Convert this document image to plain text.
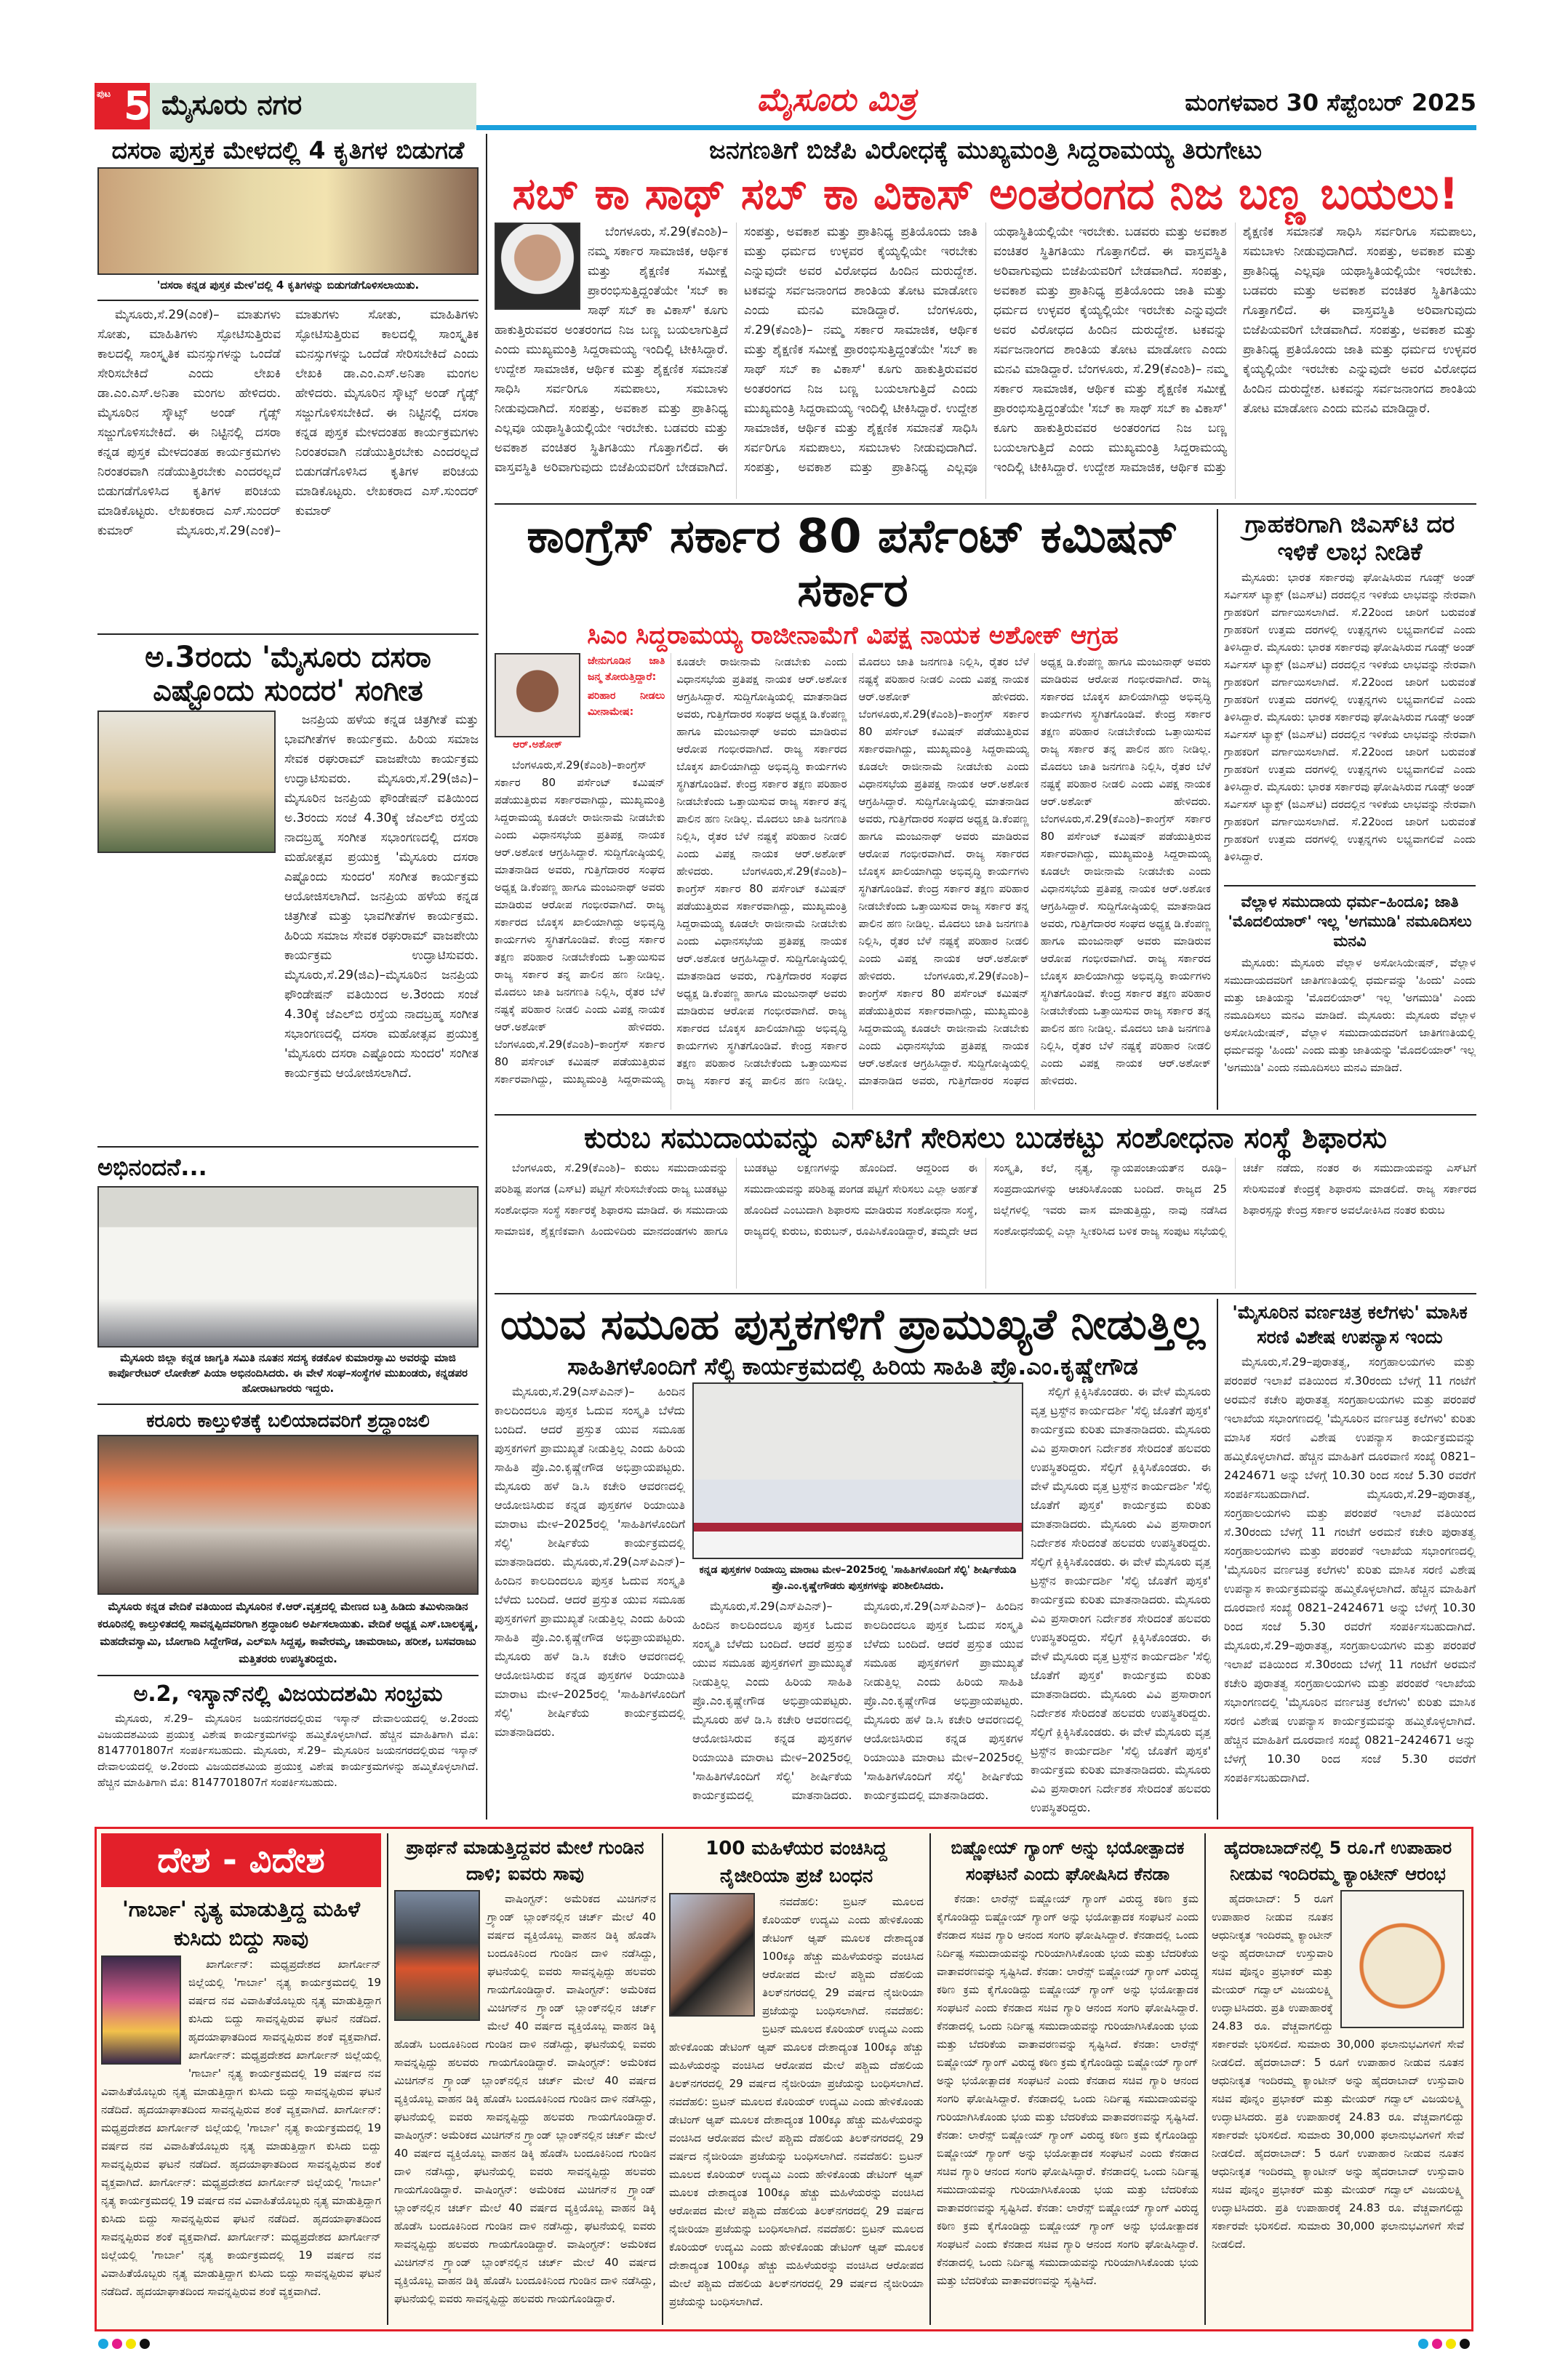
ಪುಟ 5 ಮೈಸೂರು ನಗರ	ಮೈಸೂರು ಮಿತ್ರ	ಮಂಗಳವಾರ 30 ಸೆಪ್ಟೆಂಬರ್ 2025
ದಸರಾ ಪುಸ್ತಕ ಮೇಳದಲ್ಲಿ 4 ಕೃತಿಗಳ ಬಿಡುಗಡೆ
'ದಸರಾ ಕನ್ನಡ ಪುಸ್ತಕ ಮೇಳ'ದಲ್ಲಿ 4 ಕೃತಿಗಳನ್ನು ಬಿಡುಗಡೆಗೊಳಿಸಲಾಯಿತು.

ಮೈಸೂರು,ಸೆ.29(ಎಂಕೆ)– ಮಾತುಗಳು ಸೋತು, ಮಾಹಿತಿಗಳು ಸ್ಫೋಟಿಸುತ್ತಿರುವ ಕಾಲದಲ್ಲಿ ಸಾಂಸ್ಕೃತಿಕ ಮನಸ್ಸುಗಳನ್ನು ಒಂದೆಡೆ ಸೇರಿಸಬೇಕಿದೆ ಎಂದು ಲೇಖಕಿ ಡಾ.ಎಂ.ಎಸ್.ಅನಿತಾ ಮಂಗಲ ಹೇಳಿದರು. ಮೈಸೂರಿನ ಸ್ಕೌಟ್ಸ್ ಅಂಡ್ ಗೈಡ್ಸ್ ಸಜ್ಜುಗೊಳಿಸಬೇಕಿದೆ. ಈ ನಿಟ್ಟಿನಲ್ಲಿ ದಸರಾ ಕನ್ನಡ ಪುಸ್ತಕ ಮೇಳದಂತಹ ಕಾರ್ಯಕ್ರಮಗಳು ನಿರಂತರವಾಗಿ ನಡೆಯುತ್ತಿರಬೇಕು ಎಂದರಲ್ಲದೆ ಬಿಡುಗಡೆಗೊಳಿಸಿದ ಕೃತಿಗಳ ಪರಿಚಯ ಮಾಡಿಕೊಟ್ಟರು. ಲೇಖಕರಾದ ಎಸ್.ಸುಂದರ್ ಕುಮಾರ್ ಮೈಸೂರು,ಸೆ.29(ಎಂಕೆ)– ಮಾತುಗಳು ಸೋತು, ಮಾಹಿತಿಗಳು ಸ್ಫೋಟಿಸುತ್ತಿರುವ ಕಾಲದಲ್ಲಿ ಸಾಂಸ್ಕೃತಿಕ ಮನಸ್ಸುಗಳನ್ನು ಒಂದೆಡೆ ಸೇರಿಸಬೇಕಿದೆ ಎಂದು ಲೇಖಕಿ ಡಾ.ಎಂ.ಎಸ್.ಅನಿತಾ ಮಂಗಲ ಹೇಳಿದರು. ಮೈಸೂರಿನ ಸ್ಕೌಟ್ಸ್ ಅಂಡ್ ಗೈಡ್ಸ್ ಸಜ್ಜುಗೊಳಿಸಬೇಕಿದೆ. ಈ ನಿಟ್ಟಿನಲ್ಲಿ ದಸರಾ ಕನ್ನಡ ಪುಸ್ತಕ ಮೇಳದಂತಹ ಕಾರ್ಯಕ್ರಮಗಳು ನಿರಂತರವಾಗಿ ನಡೆಯುತ್ತಿರಬೇಕು ಎಂದರಲ್ಲದೆ ಬಿಡುಗಡೆಗೊಳಿಸಿದ ಕೃತಿಗಳ ಪರಿಚಯ ಮಾಡಿಕೊಟ್ಟರು. ಲೇಖಕರಾದ ಎಸ್.ಸುಂದರ್ ಕುಮಾರ್

ಅ.3ರಂದು 'ಮೈಸೂರು ದಸರಾ ಎಷ್ಟೊಂದು ಸುಂದರ' ಸಂಗೀತ

ಜನಪ್ರಿಯ ಹಳೆಯ ಕನ್ನಡ ಚಿತ್ರಗೀತೆ ಮತ್ತು ಭಾವಗೀತೆಗಳ ಕಾರ್ಯಕ್ರಮ. ಹಿರಿಯ ಸಮಾಜ ಸೇವಕ ರಘುರಾಮ್ ವಾಜಪೇಯಿ ಕಾರ್ಯಕ್ರಮ ಉದ್ಘಾಟಿಸುವರು. ಮೈಸೂರು,ಸೆ.29(ಜಿಎ)–ಮೈಸೂರಿನ ಜನಪ್ರಿಯ ಫೌಂಡೇಷನ್ ವತಿಯಿಂದ ಅ.3ರಂದು ಸಂಜೆ 4.30ಕ್ಕೆ ಜೆಎಲ್‌ಬಿ ರಸ್ತೆಯ ನಾದಬ್ರಹ್ಮ ಸಂಗೀತ ಸಭಾಂಗಣದಲ್ಲಿ ದಸರಾ ಮಹೋತ್ಸವ ಪ್ರಯುಕ್ತ 'ಮೈಸೂರು ದಸರಾ ಎಷ್ಟೊಂದು ಸುಂದರ' ಸಂಗೀತ ಕಾರ್ಯಕ್ರಮ ಆಯೋಜಿಸಲಾಗಿದೆ. ಜನಪ್ರಿಯ ಹಳೆಯ ಕನ್ನಡ ಚಿತ್ರಗೀತೆ ಮತ್ತು ಭಾವಗೀತೆಗಳ ಕಾರ್ಯಕ್ರಮ. ಹಿರಿಯ ಸಮಾಜ ಸೇವಕ ರಘುರಾಮ್ ವಾಜಪೇಯಿ ಕಾರ್ಯಕ್ರಮ ಉದ್ಘಾಟಿಸುವರು. ಮೈಸೂರು,ಸೆ.29(ಜಿಎ)–ಮೈಸೂರಿನ ಜನಪ್ರಿಯ ಫೌಂಡೇಷನ್ ವತಿಯಿಂದ ಅ.3ರಂದು ಸಂಜೆ 4.30ಕ್ಕೆ ಜೆಎಲ್‌ಬಿ ರಸ್ತೆಯ ನಾದಬ್ರಹ್ಮ ಸಂಗೀತ ಸಭಾಂಗಣದಲ್ಲಿ ದಸರಾ ಮಹೋತ್ಸವ ಪ್ರಯುಕ್ತ 'ಮೈಸೂರು ದಸರಾ ಎಷ್ಟೊಂದು ಸುಂದರ' ಸಂಗೀತ ಕಾರ್ಯಕ್ರಮ ಆಯೋಜಿಸಲಾಗಿದೆ.

ಅಭಿನಂದನೆ...
ಮೈಸೂರು ಜಿಲ್ಲಾ ಕನ್ನಡ ಜಾಗೃತಿ ಸಮಿತಿ ನೂತನ ಸದಸ್ಯ ಕಡಕೊಳ ಕುಮಾರಸ್ವಾಮಿ ಅವರನ್ನು ಮಾಜಿ ಕಾರ್ಪೊರೇಟರ್ ಲೋಕೇಶ್ ಪಿಯಾ ಅಭಿನಂದಿಸಿದರು. ಈ ವೇಳೆ ಸಂಘ–ಸಂಸ್ಥೆಗಳ ಮುಖಂಡರು, ಕನ್ನಡಪರ ಹೋರಾಟಗಾರರು ಇದ್ದರು.
ಕರೂರು ಕಾಲ್ತುಳಿತಕ್ಕೆ ಬಲಿಯಾದವರಿಗೆ ಶ್ರದ್ಧಾಂಜಲಿ
ಮೈಸೂರು ಕನ್ನಡ ವೇದಿಕೆ ವತಿಯಿಂದ ಮೈಸೂರಿನ ಕೆ.ಆರ್.ವೃತ್ತದಲ್ಲಿ ಮೇಣದ ಬತ್ತಿ ಹಿಡಿದು ತಮಿಳುನಾಡಿನ ಕರೂರಿನಲ್ಲಿ ಕಾಲ್ತುಳಿತದಲ್ಲಿ ಸಾವನ್ನಪ್ಪಿದವರಿಗಾಗಿ ಶ್ರದ್ಧಾಂಜಲಿ ಅರ್ಪಿಸಲಾಯಿತು. ವೇದಿಕೆ ಅಧ್ಯಕ್ಷ ಎಸ್.ಬಾಲಕೃಷ್ಣ, ಮಹದೇವಸ್ವಾಮಿ, ಬೋಗಾದಿ ಸಿದ್ದೇಗೌಡ, ಎಲ್‌ಐಸಿ ಸಿದ್ದಪ್ಪ, ಕಾವೇರಮ್ಮ, ಚಾಮರಾಜು, ಹರೀಶ, ಬಸವರಾಜು ಮತ್ತಿತರರು ಉಪಸ್ಥಿತರಿದ್ದರು.
ಅ.2, ಇಸ್ಕಾನ್‌ನಲ್ಲಿ ವಿಜಯದಶಮಿ ಸಂಭ್ರಮ

ಮೈಸೂರು, ಸೆ.29– ಮೈಸೂರಿನ ಜಯನಗರದಲ್ಲಿರುವ ಇಸ್ಕಾನ್ ದೇವಾಲಯದಲ್ಲಿ ಅ.2ರಂದು ವಿಜಯದಶಮಿಯ ಪ್ರಯುಕ್ತ ವಿಶೇಷ ಕಾರ್ಯಕ್ರಮಗಳನ್ನು ಹಮ್ಮಿಕೊಳ್ಳಲಾಗಿದೆ. ಹೆಚ್ಚಿನ ಮಾಹಿತಿಗಾಗಿ ಮೊ: 8147701807ಗೆ ಸಂಪರ್ಕಿಸಬಹುದು. ಮೈಸೂರು, ಸೆ.29– ಮೈಸೂರಿನ ಜಯನಗರದಲ್ಲಿರುವ ಇಸ್ಕಾನ್ ದೇವಾಲಯದಲ್ಲಿ ಅ.2ರಂದು ವಿಜಯದಶಮಿಯ ಪ್ರಯುಕ್ತ ವಿಶೇಷ ಕಾರ್ಯಕ್ರಮಗಳನ್ನು ಹಮ್ಮಿಕೊಳ್ಳಲಾಗಿದೆ. ಹೆಚ್ಚಿನ ಮಾಹಿತಿಗಾಗಿ ಮೊ: 8147701807ಗೆ ಸಂಪರ್ಕಿಸಬಹುದು.

ಜನಗಣತಿಗೆ ಬಿಜೆಪಿ ವಿರೋಧಕ್ಕೆ ಮುಖ್ಯಮಂತ್ರಿ ಸಿದ್ದರಾಮಯ್ಯ ತಿರುಗೇಟು
ಸಬ್ ಕಾ ಸಾಥ್ ಸಬ್ ಕಾ ವಿಕಾಸ್ ಅಂತರಂಗದ ನಿಜ ಬಣ್ಣ ಬಯಲು!

ಬೆಂಗಳೂರು, ಸೆ.29(ಕೆಎಂಶಿ)– ನಮ್ಮ ಸರ್ಕಾರ ಸಾಮಾಜಿಕ, ಆರ್ಥಿಕ ಮತ್ತು ಶೈಕ್ಷಣಿಕ ಸಮೀಕ್ಷೆ ಪ್ರಾರಂಭಿಸುತ್ತಿದ್ದಂತೆಯೇ 'ಸಬ್ ಕಾ ಸಾಥ್ ಸಬ್ ಕಾ ವಿಕಾಸ್' ಕೂಗು ಹಾಕುತ್ತಿರುವವರ ಅಂತರಂಗದ ನಿಜ ಬಣ್ಣ ಬಯಲಾಗುತ್ತಿದೆ ಎಂದು ಮುಖ್ಯಮಂತ್ರಿ ಸಿದ್ದರಾಮಯ್ಯ ಇಂದಿಲ್ಲಿ ಟೀಕಿಸಿದ್ದಾರೆ. ಉದ್ದೇಶ ಸಾಮಾಜಿಕ, ಆರ್ಥಿಕ ಮತ್ತು ಶೈಕ್ಷಣಿಕ ಸಮಾನತೆ ಸಾಧಿಸಿ ಸರ್ವರಿಗೂ ಸಮಪಾಲು, ಸಮಬಾಳು ನೀಡುವುದಾಗಿದೆ. ಸಂಪತ್ತು, ಅವಕಾಶ ಮತ್ತು ಪ್ರಾತಿನಿಧ್ಯ ಎಲ್ಲವೂ ಯಥಾಸ್ಥಿತಿಯಲ್ಲಿಯೇ ಇರಬೇಕು. ಬಡವರು ಮತ್ತು ಅವಕಾಶ ವಂಚಿತರ ಸ್ಥಿತಿಗತಿಯು ಗೊತ್ತಾಗಲಿದೆ. ಈ ವಾಸ್ತವಸ್ಥಿತಿ ಅರಿವಾಗುವುದು ಬಿಜೆಪಿಯವರಿಗೆ ಬೇಡವಾಗಿದೆ. ಸಂಪತ್ತು, ಅವಕಾಶ ಮತ್ತು ಪ್ರಾತಿನಿಧ್ಯ ಪ್ರತಿಯೊಂದು ಜಾತಿ ಮತ್ತು ಧರ್ಮದ ಉಳ್ಳವರ ಕೈಯ್ಯಲ್ಲಿಯೇ ಇರಬೇಕು ಎನ್ನುವುದೇ ಅವರ ವಿರೋಧದ ಹಿಂದಿನ ದುರುದ್ದೇಶ. ಟಕವನ್ನು ಸರ್ವಜನಾಂಗದ ಶಾಂತಿಯ ತೋಟ ಮಾಡೋಣ ಎಂದು ಮನವಿ ಮಾಡಿದ್ದಾರೆ. ಬೆಂಗಳೂರು, ಸೆ.29(ಕೆಎಂಶಿ)– ನಮ್ಮ ಸರ್ಕಾರ ಸಾಮಾಜಿಕ, ಆರ್ಥಿಕ ಮತ್ತು ಶೈಕ್ಷಣಿಕ ಸಮೀಕ್ಷೆ ಪ್ರಾರಂಭಿಸುತ್ತಿದ್ದಂತೆಯೇ 'ಸಬ್ ಕಾ ಸಾಥ್ ಸಬ್ ಕಾ ವಿಕಾಸ್' ಕೂಗು ಹಾಕುತ್ತಿರುವವರ ಅಂತರಂಗದ ನಿಜ ಬಣ್ಣ ಬಯಲಾಗುತ್ತಿದೆ ಎಂದು ಮುಖ್ಯಮಂತ್ರಿ ಸಿದ್ದರಾಮಯ್ಯ ಇಂದಿಲ್ಲಿ ಟೀಕಿಸಿದ್ದಾರೆ. ಉದ್ದೇಶ ಸಾಮಾಜಿಕ, ಆರ್ಥಿಕ ಮತ್ತು ಶೈಕ್ಷಣಿಕ ಸಮಾನತೆ ಸಾಧಿಸಿ ಸರ್ವರಿಗೂ ಸಮಪಾಲು, ಸಮಬಾಳು ನೀಡುವುದಾಗಿದೆ. ಸಂಪತ್ತು, ಅವಕಾಶ ಮತ್ತು ಪ್ರಾತಿನಿಧ್ಯ ಎಲ್ಲವೂ ಯಥಾಸ್ಥಿತಿಯಲ್ಲಿಯೇ ಇರಬೇಕು. ಬಡವರು ಮತ್ತು ಅವಕಾಶ ವಂಚಿತರ ಸ್ಥಿತಿಗತಿಯು ಗೊತ್ತಾಗಲಿದೆ. ಈ ವಾಸ್ತವಸ್ಥಿತಿ ಅರಿವಾಗುವುದು ಬಿಜೆಪಿಯವರಿಗೆ ಬೇಡವಾಗಿದೆ. ಸಂಪತ್ತು, ಅವಕಾಶ ಮತ್ತು ಪ್ರಾತಿನಿಧ್ಯ ಪ್ರತಿಯೊಂದು ಜಾತಿ ಮತ್ತು ಧರ್ಮದ ಉಳ್ಳವರ ಕೈಯ್ಯಲ್ಲಿಯೇ ಇರಬೇಕು ಎನ್ನುವುದೇ ಅವರ ವಿರೋಧದ ಹಿಂದಿನ ದುರುದ್ದೇಶ. ಟಕವನ್ನು ಸರ್ವಜನಾಂಗದ ಶಾಂತಿಯ ತೋಟ ಮಾಡೋಣ ಎಂದು ಮನವಿ ಮಾಡಿದ್ದಾರೆ. ಬೆಂಗಳೂರು, ಸೆ.29(ಕೆಎಂಶಿ)– ನಮ್ಮ ಸರ್ಕಾರ ಸಾಮಾಜಿಕ, ಆರ್ಥಿಕ ಮತ್ತು ಶೈಕ್ಷಣಿಕ ಸಮೀಕ್ಷೆ ಪ್ರಾರಂಭಿಸುತ್ತಿದ್ದಂತೆಯೇ 'ಸಬ್ ಕಾ ಸಾಥ್ ಸಬ್ ಕಾ ವಿಕಾಸ್' ಕೂಗು ಹಾಕುತ್ತಿರುವವರ ಅಂತರಂಗದ ನಿಜ ಬಣ್ಣ ಬಯಲಾಗುತ್ತಿದೆ ಎಂದು ಮುಖ್ಯಮಂತ್ರಿ ಸಿದ್ದರಾಮಯ್ಯ ಇಂದಿಲ್ಲಿ ಟೀಕಿಸಿದ್ದಾರೆ. ಉದ್ದೇಶ ಸಾಮಾಜಿಕ, ಆರ್ಥಿಕ ಮತ್ತು ಶೈಕ್ಷಣಿಕ ಸಮಾನತೆ ಸಾಧಿಸಿ ಸರ್ವರಿಗೂ ಸಮಪಾಲು, ಸಮಬಾಳು ನೀಡುವುದಾಗಿದೆ. ಸಂಪತ್ತು, ಅವಕಾಶ ಮತ್ತು ಪ್ರಾತಿನಿಧ್ಯ ಎಲ್ಲವೂ ಯಥಾಸ್ಥಿತಿಯಲ್ಲಿಯೇ ಇರಬೇಕು. ಬಡವರು ಮತ್ತು ಅವಕಾಶ ವಂಚಿತರ ಸ್ಥಿತಿಗತಿಯು ಗೊತ್ತಾಗಲಿದೆ. ಈ ವಾಸ್ತವಸ್ಥಿತಿ ಅರಿವಾಗುವುದು ಬಿಜೆಪಿಯವರಿಗೆ ಬೇಡವಾಗಿದೆ. ಸಂಪತ್ತು, ಅವಕಾಶ ಮತ್ತು ಪ್ರಾತಿನಿಧ್ಯ ಪ್ರತಿಯೊಂದು ಜಾತಿ ಮತ್ತು ಧರ್ಮದ ಉಳ್ಳವರ ಕೈಯ್ಯಲ್ಲಿಯೇ ಇರಬೇಕು ಎನ್ನುವುದೇ ಅವರ ವಿರೋಧದ ಹಿಂದಿನ ದುರುದ್ದೇಶ. ಟಕವನ್ನು ಸರ್ವಜನಾಂಗದ ಶಾಂತಿಯ ತೋಟ ಮಾಡೋಣ ಎಂದು ಮನವಿ ಮಾಡಿದ್ದಾರೆ.

ಕಾಂಗ್ರೆಸ್ ಸರ್ಕಾರ 80 ಪರ್ಸೆಂಟ್ ಕಮಿಷನ್ ಸರ್ಕಾರ
ಸಿಎಂ ಸಿದ್ದರಾಮಯ್ಯ ರಾಜೀನಾಮೆಗೆ ವಿಪಕ್ಷ ನಾಯಕ ಅಶೋಕ್ ಆಗ್ರಹ
ಆರ್.ಅಶೋಕ್
ಜೇನುಗೂಡಿನ ಜಾತಿ ಜನ್ಮ ತೋರುತ್ತಿದ್ದಾರೆ:
ಪರಿಹಾರ ನೀಡಲು ಮೀನಾಮೇಷ:

ಬೆಂಗಳೂರು,ಸೆ.29(ಕೆಎಂಶಿ)–ಕಾಂಗ್ರೆಸ್ ಸರ್ಕಾರ 80 ಪರ್ಸೆಂಟ್ ಕಮಿಷನ್ ಪಡೆಯುತ್ತಿರುವ ಸರ್ಕಾರವಾಗಿದ್ದು, ಮುಖ್ಯಮಂತ್ರಿ ಸಿದ್ದರಾಮಯ್ಯ ಕೂಡಲೇ ರಾಜೀನಾಮೆ ನೀಡಬೇಕು ಎಂದು ವಿಧಾನಸಭೆಯ ಪ್ರತಿಪಕ್ಷ ನಾಯಕ ಆರ್.ಅಶೋಕ ಆಗ್ರಹಿಸಿದ್ದಾರೆ. ಸುದ್ದಿಗೋಷ್ಠಿಯಲ್ಲಿ ಮಾತನಾಡಿದ ಅವರು, ಗುತ್ತಿಗೆದಾರರ ಸಂಘದ ಅಧ್ಯಕ್ಷ ಡಿ.ಕೆಂಪಣ್ಣ ಹಾಗೂ ಮಂಜುನಾಥ್ ಅವರು ಮಾಡಿರುವ ಆರೋಪ ಗಂಭೀರವಾಗಿದೆ. ರಾಜ್ಯ ಸರ್ಕಾರದ ಬೊಕ್ಕಸ ಖಾಲಿಯಾಗಿದ್ದು ಅಭಿವೃದ್ಧಿ ಕಾರ್ಯಗಳು ಸ್ಥಗಿತಗೊಂಡಿವೆ. ಕೇಂದ್ರ ಸರ್ಕಾರ ತಕ್ಷಣ ಪರಿಹಾರ ನೀಡಬೇಕೆಂದು ಒತ್ತಾಯಿಸುವ ರಾಜ್ಯ ಸರ್ಕಾರ ತನ್ನ ಪಾಲಿನ ಹಣ ನೀಡಿಲ್ಲ. ಮೊದಲು ಜಾತಿ ಜನಗಣತಿ ನಿಲ್ಲಿಸಿ, ರೈತರ ಬೆಳೆ ನಷ್ಟಕ್ಕೆ ಪರಿಹಾರ ನೀಡಲಿ ಎಂದು ವಿಪಕ್ಷ ನಾಯಕ ಆರ್.ಅಶೋಕ್ ಹೇಳಿದರು. ಬೆಂಗಳೂರು,ಸೆ.29(ಕೆಎಂಶಿ)–ಕಾಂಗ್ರೆಸ್ ಸರ್ಕಾರ 80 ಪರ್ಸೆಂಟ್ ಕಮಿಷನ್ ಪಡೆಯುತ್ತಿರುವ ಸರ್ಕಾರವಾಗಿದ್ದು, ಮುಖ್ಯಮಂತ್ರಿ ಸಿದ್ದರಾಮಯ್ಯ ಕೂಡಲೇ ರಾಜೀನಾಮೆ ನೀಡಬೇಕು ಎಂದು ವಿಧಾನಸಭೆಯ ಪ್ರತಿಪಕ್ಷ ನಾಯಕ ಆರ್.ಅಶೋಕ ಆಗ್ರಹಿಸಿದ್ದಾರೆ. ಸುದ್ದಿಗೋಷ್ಠಿಯಲ್ಲಿ ಮಾತನಾಡಿದ ಅವರು, ಗುತ್ತಿಗೆದಾರರ ಸಂಘದ ಅಧ್ಯಕ್ಷ ಡಿ.ಕೆಂಪಣ್ಣ ಹಾಗೂ ಮಂಜುನಾಥ್ ಅವರು ಮಾಡಿರುವ ಆರೋಪ ಗಂಭೀರವಾಗಿದೆ. ರಾಜ್ಯ ಸರ್ಕಾರದ ಬೊಕ್ಕಸ ಖಾಲಿಯಾಗಿದ್ದು ಅಭಿವೃದ್ಧಿ ಕಾರ್ಯಗಳು ಸ್ಥಗಿತಗೊಂಡಿವೆ. ಕೇಂದ್ರ ಸರ್ಕಾರ ತಕ್ಷಣ ಪರಿಹಾರ ನೀಡಬೇಕೆಂದು ಒತ್ತಾಯಿಸುವ ರಾಜ್ಯ ಸರ್ಕಾರ ತನ್ನ ಪಾಲಿನ ಹಣ ನೀಡಿಲ್ಲ. ಮೊದಲು ಜಾತಿ ಜನಗಣತಿ ನಿಲ್ಲಿಸಿ, ರೈತರ ಬೆಳೆ ನಷ್ಟಕ್ಕೆ ಪರಿಹಾರ ನೀಡಲಿ ಎಂದು ವಿಪಕ್ಷ ನಾಯಕ ಆರ್.ಅಶೋಕ್ ಹೇಳಿದರು. ಬೆಂಗಳೂರು,ಸೆ.29(ಕೆಎಂಶಿ)–ಕಾಂಗ್ರೆಸ್ ಸರ್ಕಾರ 80 ಪರ್ಸೆಂಟ್ ಕಮಿಷನ್ ಪಡೆಯುತ್ತಿರುವ ಸರ್ಕಾರವಾಗಿದ್ದು, ಮುಖ್ಯಮಂತ್ರಿ ಸಿದ್ದರಾಮಯ್ಯ ಕೂಡಲೇ ರಾಜೀನಾಮೆ ನೀಡಬೇಕು ಎಂದು ವಿಧಾನಸಭೆಯ ಪ್ರತಿಪಕ್ಷ ನಾಯಕ ಆರ್.ಅಶೋಕ ಆಗ್ರಹಿಸಿದ್ದಾರೆ. ಸುದ್ದಿಗೋಷ್ಠಿಯಲ್ಲಿ ಮಾತನಾಡಿದ ಅವರು, ಗುತ್ತಿಗೆದಾರರ ಸಂಘದ ಅಧ್ಯಕ್ಷ ಡಿ.ಕೆಂಪಣ್ಣ ಹಾಗೂ ಮಂಜುನಾಥ್ ಅವರು ಮಾಡಿರುವ ಆರೋಪ ಗಂಭೀರವಾಗಿದೆ. ರಾಜ್ಯ ಸರ್ಕಾರದ ಬೊಕ್ಕಸ ಖಾಲಿಯಾಗಿದ್ದು ಅಭಿವೃದ್ಧಿ ಕಾರ್ಯಗಳು ಸ್ಥಗಿತಗೊಂಡಿವೆ. ಕೇಂದ್ರ ಸರ್ಕಾರ ತಕ್ಷಣ ಪರಿಹಾರ ನೀಡಬೇಕೆಂದು ಒತ್ತಾಯಿಸುವ ರಾಜ್ಯ ಸರ್ಕಾರ ತನ್ನ ಪಾಲಿನ ಹಣ ನೀಡಿಲ್ಲ. ಮೊದಲು ಜಾತಿ ಜನಗಣತಿ ನಿಲ್ಲಿಸಿ, ರೈತರ ಬೆಳೆ ನಷ್ಟಕ್ಕೆ ಪರಿಹಾರ ನೀಡಲಿ ಎಂದು ವಿಪಕ್ಷ ನಾಯಕ ಆರ್.ಅಶೋಕ್ ಹೇಳಿದರು. ಬೆಂಗಳೂರು,ಸೆ.29(ಕೆಎಂಶಿ)–ಕಾಂಗ್ರೆಸ್ ಸರ್ಕಾರ 80 ಪರ್ಸೆಂಟ್ ಕಮಿಷನ್ ಪಡೆಯುತ್ತಿರುವ ಸರ್ಕಾರವಾಗಿದ್ದು, ಮುಖ್ಯಮಂತ್ರಿ ಸಿದ್ದರಾಮಯ್ಯ ಕೂಡಲೇ ರಾಜೀನಾಮೆ ನೀಡಬೇಕು ಎಂದು ವಿಧಾನಸಭೆಯ ಪ್ರತಿಪಕ್ಷ ನಾಯಕ ಆರ್.ಅಶೋಕ ಆಗ್ರಹಿಸಿದ್ದಾರೆ. ಸುದ್ದಿಗೋಷ್ಠಿಯಲ್ಲಿ ಮಾತನಾಡಿದ ಅವರು, ಗುತ್ತಿಗೆದಾರರ ಸಂಘದ ಅಧ್ಯಕ್ಷ ಡಿ.ಕೆಂಪಣ್ಣ ಹಾಗೂ ಮಂಜುನಾಥ್ ಅವರು ಮಾಡಿರುವ ಆರೋಪ ಗಂಭೀರವಾಗಿದೆ. ರಾಜ್ಯ ಸರ್ಕಾರದ ಬೊಕ್ಕಸ ಖಾಲಿಯಾಗಿದ್ದು ಅಭಿವೃದ್ಧಿ ಕಾರ್ಯಗಳು ಸ್ಥಗಿತಗೊಂಡಿವೆ. ಕೇಂದ್ರ ಸರ್ಕಾರ ತಕ್ಷಣ ಪರಿಹಾರ ನೀಡಬೇಕೆಂದು ಒತ್ತಾಯಿಸುವ ರಾಜ್ಯ ಸರ್ಕಾರ ತನ್ನ ಪಾಲಿನ ಹಣ ನೀಡಿಲ್ಲ. ಮೊದಲು ಜಾತಿ ಜನಗಣತಿ ನಿಲ್ಲಿಸಿ, ರೈತರ ಬೆಳೆ ನಷ್ಟಕ್ಕೆ ಪರಿಹಾರ ನೀಡಲಿ ಎಂದು ವಿಪಕ್ಷ ನಾಯಕ ಆರ್.ಅಶೋಕ್ ಹೇಳಿದರು. ಬೆಂಗಳೂರು,ಸೆ.29(ಕೆಎಂಶಿ)–ಕಾಂಗ್ರೆಸ್ ಸರ್ಕಾರ 80 ಪರ್ಸೆಂಟ್ ಕಮಿಷನ್ ಪಡೆಯುತ್ತಿರುವ ಸರ್ಕಾರವಾಗಿದ್ದು, ಮುಖ್ಯಮಂತ್ರಿ ಸಿದ್ದರಾಮಯ್ಯ ಕೂಡಲೇ ರಾಜೀನಾಮೆ ನೀಡಬೇಕು ಎಂದು ವಿಧಾನಸಭೆಯ ಪ್ರತಿಪಕ್ಷ ನಾಯಕ ಆರ್.ಅಶೋಕ ಆಗ್ರಹಿಸಿದ್ದಾರೆ. ಸುದ್ದಿಗೋಷ್ಠಿಯಲ್ಲಿ ಮಾತನಾಡಿದ ಅವರು, ಗುತ್ತಿಗೆದಾರರ ಸಂಘದ ಅಧ್ಯಕ್ಷ ಡಿ.ಕೆಂಪಣ್ಣ ಹಾಗೂ ಮಂಜುನಾಥ್ ಅವರು ಮಾಡಿರುವ ಆರೋಪ ಗಂಭೀರವಾಗಿದೆ. ರಾಜ್ಯ ಸರ್ಕಾರದ ಬೊಕ್ಕಸ ಖಾಲಿಯಾಗಿದ್ದು ಅಭಿವೃದ್ಧಿ ಕಾರ್ಯಗಳು ಸ್ಥಗಿತಗೊಂಡಿವೆ. ಕೇಂದ್ರ ಸರ್ಕಾರ ತಕ್ಷಣ ಪರಿಹಾರ ನೀಡಬೇಕೆಂದು ಒತ್ತಾಯಿಸುವ ರಾಜ್ಯ ಸರ್ಕಾರ ತನ್ನ ಪಾಲಿನ ಹಣ ನೀಡಿಲ್ಲ. ಮೊದಲು ಜಾತಿ ಜನಗಣತಿ ನಿಲ್ಲಿಸಿ, ರೈತರ ಬೆಳೆ ನಷ್ಟಕ್ಕೆ ಪರಿಹಾರ ನೀಡಲಿ ಎಂದು ವಿಪಕ್ಷ ನಾಯಕ ಆರ್.ಅಶೋಕ್ ಹೇಳಿದರು. ಬೆಂಗಳೂರು,ಸೆ.29(ಕೆಎಂಶಿ)–ಕಾಂಗ್ರೆಸ್ ಸರ್ಕಾರ 80 ಪರ್ಸೆಂಟ್ ಕಮಿಷನ್ ಪಡೆಯುತ್ತಿರುವ ಸರ್ಕಾರವಾಗಿದ್ದು, ಮುಖ್ಯಮಂತ್ರಿ ಸಿದ್ದರಾಮಯ್ಯ ಕೂಡಲೇ ರಾಜೀನಾಮೆ ನೀಡಬೇಕು ಎಂದು ವಿಧಾನಸಭೆಯ ಪ್ರತಿಪಕ್ಷ ನಾಯಕ ಆರ್.ಅಶೋಕ ಆಗ್ರಹಿಸಿದ್ದಾರೆ. ಸುದ್ದಿಗೋಷ್ಠಿಯಲ್ಲಿ ಮಾತನಾಡಿದ ಅವರು, ಗುತ್ತಿಗೆದಾರರ ಸಂಘದ ಅಧ್ಯಕ್ಷ ಡಿ.ಕೆಂಪಣ್ಣ ಹಾಗೂ ಮಂಜುನಾಥ್ ಅವರು ಮಾಡಿರುವ ಆರೋಪ ಗಂಭೀರವಾಗಿದೆ. ರಾಜ್ಯ ಸರ್ಕಾರದ ಬೊಕ್ಕಸ ಖಾಲಿಯಾಗಿದ್ದು ಅಭಿವೃದ್ಧಿ ಕಾರ್ಯಗಳು ಸ್ಥಗಿತಗೊಂಡಿವೆ. ಕೇಂದ್ರ ಸರ್ಕಾರ ತಕ್ಷಣ ಪರಿಹಾರ ನೀಡಬೇಕೆಂದು ಒತ್ತಾಯಿಸುವ ರಾಜ್ಯ ಸರ್ಕಾರ ತನ್ನ ಪಾಲಿನ ಹಣ ನೀಡಿಲ್ಲ. ಮೊದಲು ಜಾತಿ ಜನಗಣತಿ ನಿಲ್ಲಿಸಿ, ರೈತರ ಬೆಳೆ ನಷ್ಟಕ್ಕೆ ಪರಿಹಾರ ನೀಡಲಿ ಎಂದು ವಿಪಕ್ಷ ನಾಯಕ ಆರ್.ಅಶೋಕ್ ಹೇಳಿದರು.

ಗ್ರಾಹಕರಿಗಾಗಿ ಜಿಎಸ್‌ಟಿ ದರ ಇಳಿಕೆ ಲಾಭ ನೀಡಿಕೆ

ಮೈಸೂರು: ಭಾರತ ಸರ್ಕಾರವು ಘೋಷಿಸಿರುವ ಗೂಡ್ಸ್ ಅಂಡ್ ಸರ್ವಿಸಸ್ ಟ್ಯಾಕ್ಸ್ (ಜಿಎಸ್‌ಟಿ) ದರದಲ್ಲಿನ ಇಳಿಕೆಯ ಲಾಭವನ್ನು ನೇರವಾಗಿ ಗ್ರಾಹಕರಿಗೆ ವರ್ಗಾಯಿಸಲಾಗಿದೆ. ಸೆ.22ರಿಂದ ಜಾರಿಗೆ ಬರುವಂತೆ ಗ್ರಾಹಕರಿಗೆ ಉತ್ತಮ ದರಗಳಲ್ಲಿ ಉತ್ಪನ್ನಗಳು ಲಭ್ಯವಾಗಲಿವೆ ಎಂದು ತಿಳಿಸಿದ್ದಾರೆ. ಮೈಸೂರು: ಭಾರತ ಸರ್ಕಾರವು ಘೋಷಿಸಿರುವ ಗೂಡ್ಸ್ ಅಂಡ್ ಸರ್ವಿಸಸ್ ಟ್ಯಾಕ್ಸ್ (ಜಿಎಸ್‌ಟಿ) ದರದಲ್ಲಿನ ಇಳಿಕೆಯ ಲಾಭವನ್ನು ನೇರವಾಗಿ ಗ್ರಾಹಕರಿಗೆ ವರ್ಗಾಯಿಸಲಾಗಿದೆ. ಸೆ.22ರಿಂದ ಜಾರಿಗೆ ಬರುವಂತೆ ಗ್ರಾಹಕರಿಗೆ ಉತ್ತಮ ದರಗಳಲ್ಲಿ ಉತ್ಪನ್ನಗಳು ಲಭ್ಯವಾಗಲಿವೆ ಎಂದು ತಿಳಿಸಿದ್ದಾರೆ. ಮೈಸೂರು: ಭಾರತ ಸರ್ಕಾರವು ಘೋಷಿಸಿರುವ ಗೂಡ್ಸ್ ಅಂಡ್ ಸರ್ವಿಸಸ್ ಟ್ಯಾಕ್ಸ್ (ಜಿಎಸ್‌ಟಿ) ದರದಲ್ಲಿನ ಇಳಿಕೆಯ ಲಾಭವನ್ನು ನೇರವಾಗಿ ಗ್ರಾಹಕರಿಗೆ ವರ್ಗಾಯಿಸಲಾಗಿದೆ. ಸೆ.22ರಿಂದ ಜಾರಿಗೆ ಬರುವಂತೆ ಗ್ರಾಹಕರಿಗೆ ಉತ್ತಮ ದರಗಳಲ್ಲಿ ಉತ್ಪನ್ನಗಳು ಲಭ್ಯವಾಗಲಿವೆ ಎಂದು ತಿಳಿಸಿದ್ದಾರೆ. ಮೈಸೂರು: ಭಾರತ ಸರ್ಕಾರವು ಘೋಷಿಸಿರುವ ಗೂಡ್ಸ್ ಅಂಡ್ ಸರ್ವಿಸಸ್ ಟ್ಯಾಕ್ಸ್ (ಜಿಎಸ್‌ಟಿ) ದರದಲ್ಲಿನ ಇಳಿಕೆಯ ಲಾಭವನ್ನು ನೇರವಾಗಿ ಗ್ರಾಹಕರಿಗೆ ವರ್ಗಾಯಿಸಲಾಗಿದೆ. ಸೆ.22ರಿಂದ ಜಾರಿಗೆ ಬರುವಂತೆ ಗ್ರಾಹಕರಿಗೆ ಉತ್ತಮ ದರಗಳಲ್ಲಿ ಉತ್ಪನ್ನಗಳು ಲಭ್ಯವಾಗಲಿವೆ ಎಂದು ತಿಳಿಸಿದ್ದಾರೆ.

ವೆಲ್ಲಾಳ ಸಮುದಾಯ ಧರ್ಮ–ಹಿಂದೂ; ಜಾತಿ 'ಮೊದಲಿಯಾರ್' ಇಲ್ಲ 'ಅಗಮುಡಿ' ನಮೂದಿಸಲು ಮನವಿ

ಮೈಸೂರು: ಮೈಸೂರು ವೆಲ್ಲಾಳ ಅಸೋಸಿಯೇಷನ್, ವೆಲ್ಲಾಳ ಸಮುದಾಯದವರಿಗೆ ಜಾತಿಗಣತಿಯಲ್ಲಿ ಧರ್ಮವನ್ನು 'ಹಿಂದು' ಎಂದು ಮತ್ತು ಜಾತಿಯನ್ನು 'ಮೊದಲಿಯಾರ್' ಇಲ್ಲ 'ಅಗಮುಡಿ' ಎಂದು ನಮೂದಿಸಲು ಮನವಿ ಮಾಡಿದೆ. ಮೈಸೂರು: ಮೈಸೂರು ವೆಲ್ಲಾಳ ಅಸೋಸಿಯೇಷನ್, ವೆಲ್ಲಾಳ ಸಮುದಾಯದವರಿಗೆ ಜಾತಿಗಣತಿಯಲ್ಲಿ ಧರ್ಮವನ್ನು 'ಹಿಂದು' ಎಂದು ಮತ್ತು ಜಾತಿಯನ್ನು 'ಮೊದಲಿಯಾರ್' ಇಲ್ಲ 'ಅಗಮುಡಿ' ಎಂದು ನಮೂದಿಸಲು ಮನವಿ ಮಾಡಿದೆ.

ಕುರುಬ ಸಮುದಾಯವನ್ನು ಎಸ್‌ಟಿಗೆ ಸೇರಿಸಲು ಬುಡಕಟ್ಟು ಸಂಶೋಧನಾ ಸಂಸ್ಥೆ ಶಿಫಾರಸು

ಬೆಂಗಳೂರು, ಸೆ.29(ಕೆಎಂಶಿ)– ಕುರುಬ ಸಮುದಾಯವನ್ನು ಪರಿಶಿಷ್ಟ ಪಂಗಡ (ಎಸ್‌ಟಿ) ಪಟ್ಟಿಗೆ ಸೇರಿಸಬೇಕೆಂದು ರಾಜ್ಯ ಬುಡಕಟ್ಟು ಸಂಶೋಧನಾ ಸಂಸ್ಥೆ ಸರ್ಕಾರಕ್ಕೆ ಶಿಫಾರಸು ಮಾಡಿದೆ. ಈ ಸಮುದಾಯ ಸಾಮಾಜಿಕ, ಶೈಕ್ಷಣಿಕವಾಗಿ ಹಿಂದುಳಿದಿರು ಮಾನದಂಡಗಳು ಹಾಗೂ ಬುಡಕಟ್ಟು ಲಕ್ಷಣಗಳನ್ನು ಹೊಂದಿದೆ. ಆದ್ದರಿಂದ ಈ ಸಮುದಾಯವನ್ನು ಪರಿಶಿಷ್ಟ ಪಂಗಡ ಪಟ್ಟಿಗೆ ಸೇರಿಸಲು ಎಲ್ಲಾ ಅರ್ಹತೆ ಹೊಂದಿದೆ ಎಂಬುದಾಗಿ ಶಿಫಾರಸು ಮಾಡಿರುವ ಸಂಶೋಧನಾ ಸಂಸ್ಥೆ, ರಾಜ್ಯದಲ್ಲಿ ಕುರುಬ, ಕುರುಬನ್, ರೂಪಿಸಿಕೊಂಡಿದ್ದಾರೆ, ತಮ್ಮದೇ ಆದ ಸಂಸ್ಕೃತಿ, ಕಲೆ, ನೃತ್ಯ, ನ್ಯಾಯಪಂಚಾಯತ್‌ನ ರೂಢಿ–ಸಂಪ್ರದಾಯಗಳನ್ನು ಆಚರಿಸಿಕೊಂಡು ಬಂದಿದೆ. ರಾಜ್ಯದ 25 ಜಿಲ್ಲೆಗಳಲ್ಲಿ ಇವರು ವಾಸ ಮಾಡುತ್ತಿದ್ದು, ನಾವು ನಡೆಸಿದ ಸಂಶೋಧನೆಯಲ್ಲಿ ಎಲ್ಲಾ ಸ್ವೀಕರಿಸಿದ ಬಳಿಕ ರಾಜ್ಯ ಸಂಪುಟ ಸಭೆಯಲ್ಲಿ ಚರ್ಚೆ ನಡೆದು, ನಂತರ ಈ ಸಮುದಾಯವನ್ನು ಎಸ್‌ಟಿಗೆ ಸೇರಿಸುವಂತೆ ಕೇಂದ್ರಕ್ಕೆ ಶಿಫಾರಸು ಮಾಡಲಿದೆ. ರಾಜ್ಯ ಸರ್ಕಾರದ ಶಿಫಾರಸ್ಸನ್ನು ಕೇಂದ್ರ ಸರ್ಕಾರ ಅವಲೋಕಿಸಿದ ನಂತರ ಕುರುಬ

ಯುವ ಸಮೂಹ ಪುಸ್ತಕಗಳಿಗೆ ಪ್ರಾಮುಖ್ಯತೆ ನೀಡುತ್ತಿಲ್ಲ
ಸಾಹಿತಿಗಳೊಂದಿಗೆ ಸೆಲ್ಫಿ ಕಾರ್ಯಕ್ರಮದಲ್ಲಿ ಹಿರಿಯ ಸಾಹಿತಿ ಪ್ರೊ.ಎಂ.ಕೃಷ್ಣೇಗೌಡ

ಮೈಸೂರು,ಸೆ.29(ಎಸ್‌ಪಿಎನ್)– ಹಿಂದಿನ ಕಾಲದಿಂದಲೂ ಪುಸ್ತಕ ಓದುವ ಸಂಸ್ಕೃತಿ ಬೆಳೆದು ಬಂದಿದೆ. ಆದರೆ ಪ್ರಸ್ತುತ ಯುವ ಸಮೂಹ ಪುಸ್ತಕಗಳಿಗೆ ಪ್ರಾಮುಖ್ಯತೆ ನೀಡುತ್ತಿಲ್ಲ ಎಂದು ಹಿರಿಯ ಸಾಹಿತಿ ಪ್ರೊ.ಎಂ.ಕೃಷ್ಣೇಗೌಡ ಅಭಿಪ್ರಾಯಪಟ್ಟರು. ಮೈಸೂರು ಹಳೆ ಡಿ.ಸಿ ಕಚೇರಿ ಆವರಣದಲ್ಲಿ ಆಯೋಜಿಸಿರುವ ಕನ್ನಡ ಪುಸ್ತಕಗಳ ರಿಯಾಯಿತಿ ಮಾರಾಟ ಮೇಳ–2025ರಲ್ಲಿ 'ಸಾಹಿತಿಗಳೊಂದಿಗೆ ಸೆಲ್ಫಿ' ಶೀರ್ಷಿಕೆಯ ಕಾರ್ಯಕ್ರಮದಲ್ಲಿ ಮಾತನಾಡಿದರು. ಮೈಸೂರು,ಸೆ.29(ಎಸ್‌ಪಿಎನ್)– ಹಿಂದಿನ ಕಾಲದಿಂದಲೂ ಪುಸ್ತಕ ಓದುವ ಸಂಸ್ಕೃತಿ ಬೆಳೆದು ಬಂದಿದೆ. ಆದರೆ ಪ್ರಸ್ತುತ ಯುವ ಸಮೂಹ ಪುಸ್ತಕಗಳಿಗೆ ಪ್ರಾಮುಖ್ಯತೆ ನೀಡುತ್ತಿಲ್ಲ ಎಂದು ಹಿರಿಯ ಸಾಹಿತಿ ಪ್ರೊ.ಎಂ.ಕೃಷ್ಣೇಗೌಡ ಅಭಿಪ್ರಾಯಪಟ್ಟರು. ಮೈಸೂರು ಹಳೆ ಡಿ.ಸಿ ಕಚೇರಿ ಆವರಣದಲ್ಲಿ ಆಯೋಜಿಸಿರುವ ಕನ್ನಡ ಪುಸ್ತಕಗಳ ರಿಯಾಯಿತಿ ಮಾರಾಟ ಮೇಳ–2025ರಲ್ಲಿ 'ಸಾಹಿತಿಗಳೊಂದಿಗೆ ಸೆಲ್ಫಿ' ಶೀರ್ಷಿಕೆಯ ಕಾರ್ಯಕ್ರಮದಲ್ಲಿ ಮಾತನಾಡಿದರು.

ಕನ್ನಡ ಪುಸ್ತಕಗಳ ರಿಯಾಯ್ತಿ ಮಾರಾಟ ಮೇಳ–2025ರಲ್ಲಿ 'ಸಾಹಿತಿಗಳೊಂದಿಗೆ ಸೆಲ್ಫಿ' ಶೀರ್ಷಿಕೆಯಡಿ ಪ್ರೊ.ಎಂ.ಕೃಷ್ಣೇಗೌಡರು ಪುಸ್ತಕಗಳನ್ನು ಪರಿಶೀಲಿಸಿದರು.

ಮೈಸೂರು,ಸೆ.29(ಎಸ್‌ಪಿಎನ್)– ಹಿಂದಿನ ಕಾಲದಿಂದಲೂ ಪುಸ್ತಕ ಓದುವ ಸಂಸ್ಕೃತಿ ಬೆಳೆದು ಬಂದಿದೆ. ಆದರೆ ಪ್ರಸ್ತುತ ಯುವ ಸಮೂಹ ಪುಸ್ತಕಗಳಿಗೆ ಪ್ರಾಮುಖ್ಯತೆ ನೀಡುತ್ತಿಲ್ಲ ಎಂದು ಹಿರಿಯ ಸಾಹಿತಿ ಪ್ರೊ.ಎಂ.ಕೃಷ್ಣೇಗೌಡ ಅಭಿಪ್ರಾಯಪಟ್ಟರು. ಮೈಸೂರು ಹಳೆ ಡಿ.ಸಿ ಕಚೇರಿ ಆವರಣದಲ್ಲಿ ಆಯೋಜಿಸಿರುವ ಕನ್ನಡ ಪುಸ್ತಕಗಳ ರಿಯಾಯಿತಿ ಮಾರಾಟ ಮೇಳ–2025ರಲ್ಲಿ 'ಸಾಹಿತಿಗಳೊಂದಿಗೆ ಸೆಲ್ಫಿ' ಶೀರ್ಷಿಕೆಯ ಕಾರ್ಯಕ್ರಮದಲ್ಲಿ ಮಾತನಾಡಿದರು. ಮೈಸೂರು,ಸೆ.29(ಎಸ್‌ಪಿಎನ್)– ಹಿಂದಿನ ಕಾಲದಿಂದಲೂ ಪುಸ್ತಕ ಓದುವ ಸಂಸ್ಕೃತಿ ಬೆಳೆದು ಬಂದಿದೆ. ಆದರೆ ಪ್ರಸ್ತುತ ಯುವ ಸಮೂಹ ಪುಸ್ತಕಗಳಿಗೆ ಪ್ರಾಮುಖ್ಯತೆ ನೀಡುತ್ತಿಲ್ಲ ಎಂದು ಹಿರಿಯ ಸಾಹಿತಿ ಪ್ರೊ.ಎಂ.ಕೃಷ್ಣೇಗೌಡ ಅಭಿಪ್ರಾಯಪಟ್ಟರು. ಮೈಸೂರು ಹಳೆ ಡಿ.ಸಿ ಕಚೇರಿ ಆವರಣದಲ್ಲಿ ಆಯೋಜಿಸಿರುವ ಕನ್ನಡ ಪುಸ್ತಕಗಳ ರಿಯಾಯಿತಿ ಮಾರಾಟ ಮೇಳ–2025ರಲ್ಲಿ 'ಸಾಹಿತಿಗಳೊಂದಿಗೆ ಸೆಲ್ಫಿ' ಶೀರ್ಷಿಕೆಯ ಕಾರ್ಯಕ್ರಮದಲ್ಲಿ ಮಾತನಾಡಿದರು.

ಸೆಲ್ಫಿಗೆ ಕ್ಲಿಕ್ಕಿಸಿಕೊಂಡರು. ಈ ವೇಳೆ ಮೈಸೂರು ವೃತ್ತ ಟ್ರಸ್ಟ್‌ನ ಕಾರ್ಯದರ್ಶಿ 'ಸೆಲ್ಫಿ ಜೊತೆಗೆ ಪುಸ್ತಕ' ಕಾರ್ಯಕ್ರಮ ಕುರಿತು ಮಾತನಾಡಿದರು. ಮೈಸೂರು ವಿವಿ ಪ್ರಸಾರಾಂಗ ನಿರ್ದೇಶಕ ಸೇರಿದಂತೆ ಹಲವರು ಉಪಸ್ಥಿತರಿದ್ದರು. ಸೆಲ್ಫಿಗೆ ಕ್ಲಿಕ್ಕಿಸಿಕೊಂಡರು. ಈ ವೇಳೆ ಮೈಸೂರು ವೃತ್ತ ಟ್ರಸ್ಟ್‌ನ ಕಾರ್ಯದರ್ಶಿ 'ಸೆಲ್ಫಿ ಜೊತೆಗೆ ಪುಸ್ತಕ' ಕಾರ್ಯಕ್ರಮ ಕುರಿತು ಮಾತನಾಡಿದರು. ಮೈಸೂರು ವಿವಿ ಪ್ರಸಾರಾಂಗ ನಿರ್ದೇಶಕ ಸೇರಿದಂತೆ ಹಲವರು ಉಪಸ್ಥಿತರಿದ್ದರು. ಸೆಲ್ಫಿಗೆ ಕ್ಲಿಕ್ಕಿಸಿಕೊಂಡರು. ಈ ವೇಳೆ ಮೈಸೂರು ವೃತ್ತ ಟ್ರಸ್ಟ್‌ನ ಕಾರ್ಯದರ್ಶಿ 'ಸೆಲ್ಫಿ ಜೊತೆಗೆ ಪುಸ್ತಕ' ಕಾರ್ಯಕ್ರಮ ಕುರಿತು ಮಾತನಾಡಿದರು. ಮೈಸೂರು ವಿವಿ ಪ್ರಸಾರಾಂಗ ನಿರ್ದೇಶಕ ಸೇರಿದಂತೆ ಹಲವರು ಉಪಸ್ಥಿತರಿದ್ದರು. ಸೆಲ್ಫಿಗೆ ಕ್ಲಿಕ್ಕಿಸಿಕೊಂಡರು. ಈ ವೇಳೆ ಮೈಸೂರು ವೃತ್ತ ಟ್ರಸ್ಟ್‌ನ ಕಾರ್ಯದರ್ಶಿ 'ಸೆಲ್ಫಿ ಜೊತೆಗೆ ಪುಸ್ತಕ' ಕಾರ್ಯಕ್ರಮ ಕುರಿತು ಮಾತನಾಡಿದರು. ಮೈಸೂರು ವಿವಿ ಪ್ರಸಾರಾಂಗ ನಿರ್ದೇಶಕ ಸೇರಿದಂತೆ ಹಲವರು ಉಪಸ್ಥಿತರಿದ್ದರು. ಸೆಲ್ಫಿಗೆ ಕ್ಲಿಕ್ಕಿಸಿಕೊಂಡರು. ಈ ವೇಳೆ ಮೈಸೂರು ವೃತ್ತ ಟ್ರಸ್ಟ್‌ನ ಕಾರ್ಯದರ್ಶಿ 'ಸೆಲ್ಫಿ ಜೊತೆಗೆ ಪುಸ್ತಕ' ಕಾರ್ಯಕ್ರಮ ಕುರಿತು ಮಾತನಾಡಿದರು. ಮೈಸೂರು ವಿವಿ ಪ್ರಸಾರಾಂಗ ನಿರ್ದೇಶಕ ಸೇರಿದಂತೆ ಹಲವರು ಉಪಸ್ಥಿತರಿದ್ದರು.

'ಮೈಸೂರಿನ ವರ್ಣಚಿತ್ರ ಕಲೆಗಳು' ಮಾಸಿಕ ಸರಣಿ ವಿಶೇಷ ಉಪನ್ಯಾಸ ಇಂದು

ಮೈಸೂರು,ಸೆ.29–ಪುರಾತತ್ವ, ಸಂಗ್ರಹಾಲಯಗಳು ಮತ್ತು ಪರಂಪರೆ ಇಲಾಖೆ ವತಿಯಿಂದ ಸೆ.30ರಂದು ಬೆಳಗ್ಗೆ 11 ಗಂಟೆಗೆ ಅರಮನೆ ಕಚೇರಿ ಪುರಾತತ್ವ ಸಂಗ್ರಹಾಲಯಗಳು ಮತ್ತು ಪರಂಪರೆ ಇಲಾಖೆಯ ಸಭಾಂಗಣದಲ್ಲಿ 'ಮೈಸೂರಿನ ವರ್ಣಚಿತ್ರ ಕಲೆಗಳು' ಕುರಿತು ಮಾಸಿಕ ಸರಣಿ ವಿಶೇಷ ಉಪನ್ಯಾಸ ಕಾರ್ಯಕ್ರಮವನ್ನು ಹಮ್ಮಿಕೊಳ್ಳಲಾಗಿದೆ. ಹೆಚ್ಚಿನ ಮಾಹಿತಿಗೆ ದೂರವಾಣಿ ಸಂಖ್ಯೆ 0821–2424671 ಅನ್ನು ಬೆಳಗ್ಗೆ 10.30 ರಿಂದ ಸಂಜೆ 5.30 ರವರೆಗೆ ಸಂಪರ್ಕಿಸಬಹುದಾಗಿದೆ. ಮೈಸೂರು,ಸೆ.29–ಪುರಾತತ್ವ, ಸಂಗ್ರಹಾಲಯಗಳು ಮತ್ತು ಪರಂಪರೆ ಇಲಾಖೆ ವತಿಯಿಂದ ಸೆ.30ರಂದು ಬೆಳಗ್ಗೆ 11 ಗಂಟೆಗೆ ಅರಮನೆ ಕಚೇರಿ ಪುರಾತತ್ವ ಸಂಗ್ರಹಾಲಯಗಳು ಮತ್ತು ಪರಂಪರೆ ಇಲಾಖೆಯ ಸಭಾಂಗಣದಲ್ಲಿ 'ಮೈಸೂರಿನ ವರ್ಣಚಿತ್ರ ಕಲೆಗಳು' ಕುರಿತು ಮಾಸಿಕ ಸರಣಿ ವಿಶೇಷ ಉಪನ್ಯಾಸ ಕಾರ್ಯಕ್ರಮವನ್ನು ಹಮ್ಮಿಕೊಳ್ಳಲಾಗಿದೆ. ಹೆಚ್ಚಿನ ಮಾಹಿತಿಗೆ ದೂರವಾಣಿ ಸಂಖ್ಯೆ 0821–2424671 ಅನ್ನು ಬೆಳಗ್ಗೆ 10.30 ರಿಂದ ಸಂಜೆ 5.30 ರವರೆಗೆ ಸಂಪರ್ಕಿಸಬಹುದಾಗಿದೆ. ಮೈಸೂರು,ಸೆ.29–ಪುರಾತತ್ವ, ಸಂಗ್ರಹಾಲಯಗಳು ಮತ್ತು ಪರಂಪರೆ ಇಲಾಖೆ ವತಿಯಿಂದ ಸೆ.30ರಂದು ಬೆಳಗ್ಗೆ 11 ಗಂಟೆಗೆ ಅರಮನೆ ಕಚೇರಿ ಪುರಾತತ್ವ ಸಂಗ್ರಹಾಲಯಗಳು ಮತ್ತು ಪರಂಪರೆ ಇಲಾಖೆಯ ಸಭಾಂಗಣದಲ್ಲಿ 'ಮೈಸೂರಿನ ವರ್ಣಚಿತ್ರ ಕಲೆಗಳು' ಕುರಿತು ಮಾಸಿಕ ಸರಣಿ ವಿಶೇಷ ಉಪನ್ಯಾಸ ಕಾರ್ಯಕ್ರಮವನ್ನು ಹಮ್ಮಿಕೊಳ್ಳಲಾಗಿದೆ. ಹೆಚ್ಚಿನ ಮಾಹಿತಿಗೆ ದೂರವಾಣಿ ಸಂಖ್ಯೆ 0821–2424671 ಅನ್ನು ಬೆಳಗ್ಗೆ 10.30 ರಿಂದ ಸಂಜೆ 5.30 ರವರೆಗೆ ಸಂಪರ್ಕಿಸಬಹುದಾಗಿದೆ.

ದೇಶ - ವಿದೇಶ
'ಗಾರ್ಬಾ' ನೃತ್ಯ ಮಾಡುತ್ತಿದ್ದ ಮಹಿಳೆ ಕುಸಿದು ಬಿದ್ದು ಸಾವು

ಖಾರ್ಗೋನ್: ಮಧ್ಯಪ್ರದೇಶದ ಖಾರ್ಗೋನ್ ಜಿಲ್ಲೆಯಲ್ಲಿ 'ಗಾರ್ಬಾ' ನೃತ್ಯ ಕಾರ್ಯಕ್ರಮದಲ್ಲಿ 19 ವರ್ಷದ ನವ ವಿವಾಹಿತೆಯೊಬ್ಬರು ನೃತ್ಯ ಮಾಡುತ್ತಿದ್ದಾಗ ಕುಸಿದು ಬಿದ್ದು ಸಾವನ್ನಪ್ಪಿರುವ ಘಟನೆ ನಡೆದಿದೆ. ಹೃದಯಾಘಾತದಿಂದ ಸಾವನ್ನಪ್ಪಿರುವ ಶಂಕೆ ವ್ಯಕ್ತವಾಗಿದೆ. ಖಾರ್ಗೋನ್: ಮಧ್ಯಪ್ರದೇಶದ ಖಾರ್ಗೋನ್ ಜಿಲ್ಲೆಯಲ್ಲಿ 'ಗಾರ್ಬಾ' ನೃತ್ಯ ಕಾರ್ಯಕ್ರಮದಲ್ಲಿ 19 ವರ್ಷದ ನವ ವಿವಾಹಿತೆಯೊಬ್ಬರು ನೃತ್ಯ ಮಾಡುತ್ತಿದ್ದಾಗ ಕುಸಿದು ಬಿದ್ದು ಸಾವನ್ನಪ್ಪಿರುವ ಘಟನೆ ನಡೆದಿದೆ. ಹೃದಯಾಘಾತದಿಂದ ಸಾವನ್ನಪ್ಪಿರುವ ಶಂಕೆ ವ್ಯಕ್ತವಾಗಿದೆ. ಖಾರ್ಗೋನ್: ಮಧ್ಯಪ್ರದೇಶದ ಖಾರ್ಗೋನ್ ಜಿಲ್ಲೆಯಲ್ಲಿ 'ಗಾರ್ಬಾ' ನೃತ್ಯ ಕಾರ್ಯಕ್ರಮದಲ್ಲಿ 19 ವರ್ಷದ ನವ ವಿವಾಹಿತೆಯೊಬ್ಬರು ನೃತ್ಯ ಮಾಡುತ್ತಿದ್ದಾಗ ಕುಸಿದು ಬಿದ್ದು ಸಾವನ್ನಪ್ಪಿರುವ ಘಟನೆ ನಡೆದಿದೆ. ಹೃದಯಾಘಾತದಿಂದ ಸಾವನ್ನಪ್ಪಿರುವ ಶಂಕೆ ವ್ಯಕ್ತವಾಗಿದೆ. ಖಾರ್ಗೋನ್: ಮಧ್ಯಪ್ರದೇಶದ ಖಾರ್ಗೋನ್ ಜಿಲ್ಲೆಯಲ್ಲಿ 'ಗಾರ್ಬಾ' ನೃತ್ಯ ಕಾರ್ಯಕ್ರಮದಲ್ಲಿ 19 ವರ್ಷದ ನವ ವಿವಾಹಿತೆಯೊಬ್ಬರು ನೃತ್ಯ ಮಾಡುತ್ತಿದ್ದಾಗ ಕುಸಿದು ಬಿದ್ದು ಸಾವನ್ನಪ್ಪಿರುವ ಘಟನೆ ನಡೆದಿದೆ. ಹೃದಯಾಘಾತದಿಂದ ಸಾವನ್ನಪ್ಪಿರುವ ಶಂಕೆ ವ್ಯಕ್ತವಾಗಿದೆ. ಖಾರ್ಗೋನ್: ಮಧ್ಯಪ್ರದೇಶದ ಖಾರ್ಗೋನ್ ಜಿಲ್ಲೆಯಲ್ಲಿ 'ಗಾರ್ಬಾ' ನೃತ್ಯ ಕಾರ್ಯಕ್ರಮದಲ್ಲಿ 19 ವರ್ಷದ ನವ ವಿವಾಹಿತೆಯೊಬ್ಬರು ನೃತ್ಯ ಮಾಡುತ್ತಿದ್ದಾಗ ಕುಸಿದು ಬಿದ್ದು ಸಾವನ್ನಪ್ಪಿರುವ ಘಟನೆ ನಡೆದಿದೆ. ಹೃದಯಾಘಾತದಿಂದ ಸಾವನ್ನಪ್ಪಿರುವ ಶಂಕೆ ವ್ಯಕ್ತವಾಗಿದೆ.

ಪ್ರಾರ್ಥನೆ ಮಾಡುತ್ತಿದ್ದವರ ಮೇಲೆ ಗುಂಡಿನ ದಾಳಿ; ಐವರು ಸಾವು

ವಾಷಿಂಗ್ಟನ್: ಅಮೆರಿಕದ ಮಿಚಿಗನ್‌ನ ಗ್ರ್ಯಾಂಡ್ ಬ್ಲಾಂಕ್‌ನಲ್ಲಿನ ಚರ್ಚ್ ಮೇಲೆ 40 ವರ್ಷದ ವ್ಯಕ್ತಿಯೊಬ್ಬ ವಾಹನ ಡಿಕ್ಕಿ ಹೊಡೆಸಿ ಬಂದೂಕಿನಿಂದ ಗುಂಡಿನ ದಾಳಿ ನಡೆಸಿದ್ದು, ಘಟನೆಯಲ್ಲಿ ಐವರು ಸಾವನ್ನಪ್ಪಿದ್ದು ಹಲವರು ಗಾಯಗೊಂಡಿದ್ದಾರೆ. ವಾಷಿಂಗ್ಟನ್: ಅಮೆರಿಕದ ಮಿಚಿಗನ್‌ನ ಗ್ರ್ಯಾಂಡ್ ಬ್ಲಾಂಕ್‌ನಲ್ಲಿನ ಚರ್ಚ್ ಮೇಲೆ 40 ವರ್ಷದ ವ್ಯಕ್ತಿಯೊಬ್ಬ ವಾಹನ ಡಿಕ್ಕಿ ಹೊಡೆಸಿ ಬಂದೂಕಿನಿಂದ ಗುಂಡಿನ ದಾಳಿ ನಡೆಸಿದ್ದು, ಘಟನೆಯಲ್ಲಿ ಐವರು ಸಾವನ್ನಪ್ಪಿದ್ದು ಹಲವರು ಗಾಯಗೊಂಡಿದ್ದಾರೆ. ವಾಷಿಂಗ್ಟನ್: ಅಮೆರಿಕದ ಮಿಚಿಗನ್‌ನ ಗ್ರ್ಯಾಂಡ್ ಬ್ಲಾಂಕ್‌ನಲ್ಲಿನ ಚರ್ಚ್ ಮೇಲೆ 40 ವರ್ಷದ ವ್ಯಕ್ತಿಯೊಬ್ಬ ವಾಹನ ಡಿಕ್ಕಿ ಹೊಡೆಸಿ ಬಂದೂಕಿನಿಂದ ಗುಂಡಿನ ದಾಳಿ ನಡೆಸಿದ್ದು, ಘಟನೆಯಲ್ಲಿ ಐವರು ಸಾವನ್ನಪ್ಪಿದ್ದು ಹಲವರು ಗಾಯಗೊಂಡಿದ್ದಾರೆ. ವಾಷಿಂಗ್ಟನ್: ಅಮೆರಿಕದ ಮಿಚಿಗನ್‌ನ ಗ್ರ್ಯಾಂಡ್ ಬ್ಲಾಂಕ್‌ನಲ್ಲಿನ ಚರ್ಚ್ ಮೇಲೆ 40 ವರ್ಷದ ವ್ಯಕ್ತಿಯೊಬ್ಬ ವಾಹನ ಡಿಕ್ಕಿ ಹೊಡೆಸಿ ಬಂದೂಕಿನಿಂದ ಗುಂಡಿನ ದಾಳಿ ನಡೆಸಿದ್ದು, ಘಟನೆಯಲ್ಲಿ ಐವರು ಸಾವನ್ನಪ್ಪಿದ್ದು ಹಲವರು ಗಾಯಗೊಂಡಿದ್ದಾರೆ. ವಾಷಿಂಗ್ಟನ್: ಅಮೆರಿಕದ ಮಿಚಿಗನ್‌ನ ಗ್ರ್ಯಾಂಡ್ ಬ್ಲಾಂಕ್‌ನಲ್ಲಿನ ಚರ್ಚ್ ಮೇಲೆ 40 ವರ್ಷದ ವ್ಯಕ್ತಿಯೊಬ್ಬ ವಾಹನ ಡಿಕ್ಕಿ ಹೊಡೆಸಿ ಬಂದೂಕಿನಿಂದ ಗುಂಡಿನ ದಾಳಿ ನಡೆಸಿದ್ದು, ಘಟನೆಯಲ್ಲಿ ಐವರು ಸಾವನ್ನಪ್ಪಿದ್ದು ಹಲವರು ಗಾಯಗೊಂಡಿದ್ದಾರೆ. ವಾಷಿಂಗ್ಟನ್: ಅಮೆರಿಕದ ಮಿಚಿಗನ್‌ನ ಗ್ರ್ಯಾಂಡ್ ಬ್ಲಾಂಕ್‌ನಲ್ಲಿನ ಚರ್ಚ್ ಮೇಲೆ 40 ವರ್ಷದ ವ್ಯಕ್ತಿಯೊಬ್ಬ ವಾಹನ ಡಿಕ್ಕಿ ಹೊಡೆಸಿ ಬಂದೂಕಿನಿಂದ ಗುಂಡಿನ ದಾಳಿ ನಡೆಸಿದ್ದು, ಘಟನೆಯಲ್ಲಿ ಐವರು ಸಾವನ್ನಪ್ಪಿದ್ದು ಹಲವರು ಗಾಯಗೊಂಡಿದ್ದಾರೆ.

100 ಮಹಿಳೆಯರ ವಂಚಿಸಿದ್ದ ನೈಜೀರಿಯಾ ಪ್ರಜೆ ಬಂಧನ

ನವದೆಹಲಿ: ಬ್ರಿಟನ್ ಮೂಲದ ಕೊರಿಯರ್ ಉದ್ಯಮಿ ಎಂದು ಹೇಳಿಕೊಂಡು ಡೇಟಿಂಗ್ ಆ್ಯಪ್ ಮೂಲಕ ದೇಶಾದ್ಯಂತ 100ಕ್ಕೂ ಹೆಚ್ಚು ಮಹಿಳೆಯರನ್ನು ವಂಚಿಸಿದ ಆರೋಪದ ಮೇಲೆ ಪಶ್ಚಿಮ ದೆಹಲಿಯ ತಿಲಕ್‌ನಗರದಲ್ಲಿ 29 ವರ್ಷದ ನೈಜೀರಿಯಾ ಪ್ರಜೆಯನ್ನು ಬಂಧಿಸಲಾಗಿದೆ. ನವದೆಹಲಿ: ಬ್ರಿಟನ್ ಮೂಲದ ಕೊರಿಯರ್ ಉದ್ಯಮಿ ಎಂದು ಹೇಳಿಕೊಂಡು ಡೇಟಿಂಗ್ ಆ್ಯಪ್ ಮೂಲಕ ದೇಶಾದ್ಯಂತ 100ಕ್ಕೂ ಹೆಚ್ಚು ಮಹಿಳೆಯರನ್ನು ವಂಚಿಸಿದ ಆರೋಪದ ಮೇಲೆ ಪಶ್ಚಿಮ ದೆಹಲಿಯ ತಿಲಕ್‌ನಗರದಲ್ಲಿ 29 ವರ್ಷದ ನೈಜೀರಿಯಾ ಪ್ರಜೆಯನ್ನು ಬಂಧಿಸಲಾಗಿದೆ. ನವದೆಹಲಿ: ಬ್ರಿಟನ್ ಮೂಲದ ಕೊರಿಯರ್ ಉದ್ಯಮಿ ಎಂದು ಹೇಳಿಕೊಂಡು ಡೇಟಿಂಗ್ ಆ್ಯಪ್ ಮೂಲಕ ದೇಶಾದ್ಯಂತ 100ಕ್ಕೂ ಹೆಚ್ಚು ಮಹಿಳೆಯರನ್ನು ವಂಚಿಸಿದ ಆರೋಪದ ಮೇಲೆ ಪಶ್ಚಿಮ ದೆಹಲಿಯ ತಿಲಕ್‌ನಗರದಲ್ಲಿ 29 ವರ್ಷದ ನೈಜೀರಿಯಾ ಪ್ರಜೆಯನ್ನು ಬಂಧಿಸಲಾಗಿದೆ. ನವದೆಹಲಿ: ಬ್ರಿಟನ್ ಮೂಲದ ಕೊರಿಯರ್ ಉದ್ಯಮಿ ಎಂದು ಹೇಳಿಕೊಂಡು ಡೇಟಿಂಗ್ ಆ್ಯಪ್ ಮೂಲಕ ದೇಶಾದ್ಯಂತ 100ಕ್ಕೂ ಹೆಚ್ಚು ಮಹಿಳೆಯರನ್ನು ವಂಚಿಸಿದ ಆರೋಪದ ಮೇಲೆ ಪಶ್ಚಿಮ ದೆಹಲಿಯ ತಿಲಕ್‌ನಗರದಲ್ಲಿ 29 ವರ್ಷದ ನೈಜೀರಿಯಾ ಪ್ರಜೆಯನ್ನು ಬಂಧಿಸಲಾಗಿದೆ. ನವದೆಹಲಿ: ಬ್ರಿಟನ್ ಮೂಲದ ಕೊರಿಯರ್ ಉದ್ಯಮಿ ಎಂದು ಹೇಳಿಕೊಂಡು ಡೇಟಿಂಗ್ ಆ್ಯಪ್ ಮೂಲಕ ದೇಶಾದ್ಯಂತ 100ಕ್ಕೂ ಹೆಚ್ಚು ಮಹಿಳೆಯರನ್ನು ವಂಚಿಸಿದ ಆರೋಪದ ಮೇಲೆ ಪಶ್ಚಿಮ ದೆಹಲಿಯ ತಿಲಕ್‌ನಗರದಲ್ಲಿ 29 ವರ್ಷದ ನೈಜೀರಿಯಾ ಪ್ರಜೆಯನ್ನು ಬಂಧಿಸಲಾಗಿದೆ.

ಬಿಷ್ಣೋಯ್ ಗ್ಯಾಂಗ್ ಅನ್ನು ಭಯೋತ್ಪಾದಕ ಸಂಘಟನೆ ಎಂದು ಘೋಷಿಸಿದ ಕೆನಡಾ

ಕೆನಡಾ: ಲಾರೆನ್ಸ್ ಬಿಷ್ಣೋಯ್ ಗ್ಯಾಂಗ್ ವಿರುದ್ಧ ಕಠಿಣ ಕ್ರಮ ಕೈಗೊಂಡಿದ್ದು ಬಿಷ್ಣೋಯ್ ಗ್ಯಾಂಗ್ ಅನ್ನು ಭಯೋತ್ಪಾದಕ ಸಂಘಟನೆ ಎಂದು ಕೆನಡಾದ ಸಚಿವ ಗ್ಯಾರಿ ಆನಂದ ಸಂಗರಿ ಘೋಷಿಸಿದ್ದಾರೆ. ಕೆನಡಾದಲ್ಲಿ ಒಂದು ನಿರ್ದಿಷ್ಟ ಸಮುದಾಯವನ್ನು ಗುರಿಯಾಗಿಸಿಕೊಂಡು ಭಯ ಮತ್ತು ಬೆದರಿಕೆಯ ವಾತಾವರಣವನ್ನು ಸೃಷ್ಟಿಸಿದೆ. ಕೆನಡಾ: ಲಾರೆನ್ಸ್ ಬಿಷ್ಣೋಯ್ ಗ್ಯಾಂಗ್ ವಿರುದ್ಧ ಕಠಿಣ ಕ್ರಮ ಕೈಗೊಂಡಿದ್ದು ಬಿಷ್ಣೋಯ್ ಗ್ಯಾಂಗ್ ಅನ್ನು ಭಯೋತ್ಪಾದಕ ಸಂಘಟನೆ ಎಂದು ಕೆನಡಾದ ಸಚಿವ ಗ್ಯಾರಿ ಆನಂದ ಸಂಗರಿ ಘೋಷಿಸಿದ್ದಾರೆ. ಕೆನಡಾದಲ್ಲಿ ಒಂದು ನಿರ್ದಿಷ್ಟ ಸಮುದಾಯವನ್ನು ಗುರಿಯಾಗಿಸಿಕೊಂಡು ಭಯ ಮತ್ತು ಬೆದರಿಕೆಯ ವಾತಾವರಣವನ್ನು ಸೃಷ್ಟಿಸಿದೆ. ಕೆನಡಾ: ಲಾರೆನ್ಸ್ ಬಿಷ್ಣೋಯ್ ಗ್ಯಾಂಗ್ ವಿರುದ್ಧ ಕಠಿಣ ಕ್ರಮ ಕೈಗೊಂಡಿದ್ದು ಬಿಷ್ಣೋಯ್ ಗ್ಯಾಂಗ್ ಅನ್ನು ಭಯೋತ್ಪಾದಕ ಸಂಘಟನೆ ಎಂದು ಕೆನಡಾದ ಸಚಿವ ಗ್ಯಾರಿ ಆನಂದ ಸಂಗರಿ ಘೋಷಿಸಿದ್ದಾರೆ. ಕೆನಡಾದಲ್ಲಿ ಒಂದು ನಿರ್ದಿಷ್ಟ ಸಮುದಾಯವನ್ನು ಗುರಿಯಾಗಿಸಿಕೊಂಡು ಭಯ ಮತ್ತು ಬೆದರಿಕೆಯ ವಾತಾವರಣವನ್ನು ಸೃಷ್ಟಿಸಿದೆ. ಕೆನಡಾ: ಲಾರೆನ್ಸ್ ಬಿಷ್ಣೋಯ್ ಗ್ಯಾಂಗ್ ವಿರುದ್ಧ ಕಠಿಣ ಕ್ರಮ ಕೈಗೊಂಡಿದ್ದು ಬಿಷ್ಣೋಯ್ ಗ್ಯಾಂಗ್ ಅನ್ನು ಭಯೋತ್ಪಾದಕ ಸಂಘಟನೆ ಎಂದು ಕೆನಡಾದ ಸಚಿವ ಗ್ಯಾರಿ ಆನಂದ ಸಂಗರಿ ಘೋಷಿಸಿದ್ದಾರೆ. ಕೆನಡಾದಲ್ಲಿ ಒಂದು ನಿರ್ದಿಷ್ಟ ಸಮುದಾಯವನ್ನು ಗುರಿಯಾಗಿಸಿಕೊಂಡು ಭಯ ಮತ್ತು ಬೆದರಿಕೆಯ ವಾತಾವರಣವನ್ನು ಸೃಷ್ಟಿಸಿದೆ. ಕೆನಡಾ: ಲಾರೆನ್ಸ್ ಬಿಷ್ಣೋಯ್ ಗ್ಯಾಂಗ್ ವಿರುದ್ಧ ಕಠಿಣ ಕ್ರಮ ಕೈಗೊಂಡಿದ್ದು ಬಿಷ್ಣೋಯ್ ಗ್ಯಾಂಗ್ ಅನ್ನು ಭಯೋತ್ಪಾದಕ ಸಂಘಟನೆ ಎಂದು ಕೆನಡಾದ ಸಚಿವ ಗ್ಯಾರಿ ಆನಂದ ಸಂಗರಿ ಘೋಷಿಸಿದ್ದಾರೆ. ಕೆನಡಾದಲ್ಲಿ ಒಂದು ನಿರ್ದಿಷ್ಟ ಸಮುದಾಯವನ್ನು ಗುರಿಯಾಗಿಸಿಕೊಂಡು ಭಯ ಮತ್ತು ಬೆದರಿಕೆಯ ವಾತಾವರಣವನ್ನು ಸೃಷ್ಟಿಸಿದೆ.

ಹೈದರಾಬಾದ್‌ನಲ್ಲಿ 5 ರೂ.ಗೆ ಉಪಾಹಾರ ನೀಡುವ ಇಂದಿರಮ್ಮ ಕ್ಯಾಂಟೀನ್ ಆರಂಭ

ಹೈದರಾಬಾದ್: 5 ರೂಗೆ ಉಪಾಹಾರ ನೀಡುವ ನೂತನ ಆಧುನೀಕೃತ ಇಂದಿರಮ್ಮ ಕ್ಯಾಂಟೀನ್ ಅನ್ನು ಹೈದರಾಬಾದ್ ಉಸ್ತುವಾರಿ ಸಚಿವ ಪೊನ್ನಂ ಪ್ರಭಾಕರ್ ಮತ್ತು ಮೇಯರ್ ಗದ್ವಾಲ್ ವಿಜಯಲಕ್ಷ್ಮಿ ಉದ್ಘಾಟಿಸಿದರು. ಪ್ರತಿ ಉಪಾಹಾರಕ್ಕೆ 24.83 ರೂ. ವೆಚ್ಚವಾಗಲಿದ್ದು ಸರ್ಕಾರವೇ ಭರಿಸಲಿದೆ. ಸುಮಾರು 30,000 ಫಲಾನುಭವಿಗಳಿಗೆ ಸೇವೆ ನೀಡಲಿದೆ. ಹೈದರಾಬಾದ್: 5 ರೂಗೆ ಉಪಾಹಾರ ನೀಡುವ ನೂತನ ಆಧುನೀಕೃತ ಇಂದಿರಮ್ಮ ಕ್ಯಾಂಟೀನ್ ಅನ್ನು ಹೈದರಾಬಾದ್ ಉಸ್ತುವಾರಿ ಸಚಿವ ಪೊನ್ನಂ ಪ್ರಭಾಕರ್ ಮತ್ತು ಮೇಯರ್ ಗದ್ವಾಲ್ ವಿಜಯಲಕ್ಷ್ಮಿ ಉದ್ಘಾಟಿಸಿದರು. ಪ್ರತಿ ಉಪಾಹಾರಕ್ಕೆ 24.83 ರೂ. ವೆಚ್ಚವಾಗಲಿದ್ದು ಸರ್ಕಾರವೇ ಭರಿಸಲಿದೆ. ಸುಮಾರು 30,000 ಫಲಾನುಭವಿಗಳಿಗೆ ಸೇವೆ ನೀಡಲಿದೆ. ಹೈದರಾಬಾದ್: 5 ರೂಗೆ ಉಪಾಹಾರ ನೀಡುವ ನೂತನ ಆಧುನೀಕೃತ ಇಂದಿರಮ್ಮ ಕ್ಯಾಂಟೀನ್ ಅನ್ನು ಹೈದರಾಬಾದ್ ಉಸ್ತುವಾರಿ ಸಚಿವ ಪೊನ್ನಂ ಪ್ರಭಾಕರ್ ಮತ್ತು ಮೇಯರ್ ಗದ್ವಾಲ್ ವಿಜಯಲಕ್ಷ್ಮಿ ಉದ್ಘಾಟಿಸಿದರು. ಪ್ರತಿ ಉಪಾಹಾರಕ್ಕೆ 24.83 ರೂ. ವೆಚ್ಚವಾಗಲಿದ್ದು ಸರ್ಕಾರವೇ ಭರಿಸಲಿದೆ. ಸುಮಾರು 30,000 ಫಲಾನುಭವಿಗಳಿಗೆ ಸೇವೆ ನೀಡಲಿದೆ.
